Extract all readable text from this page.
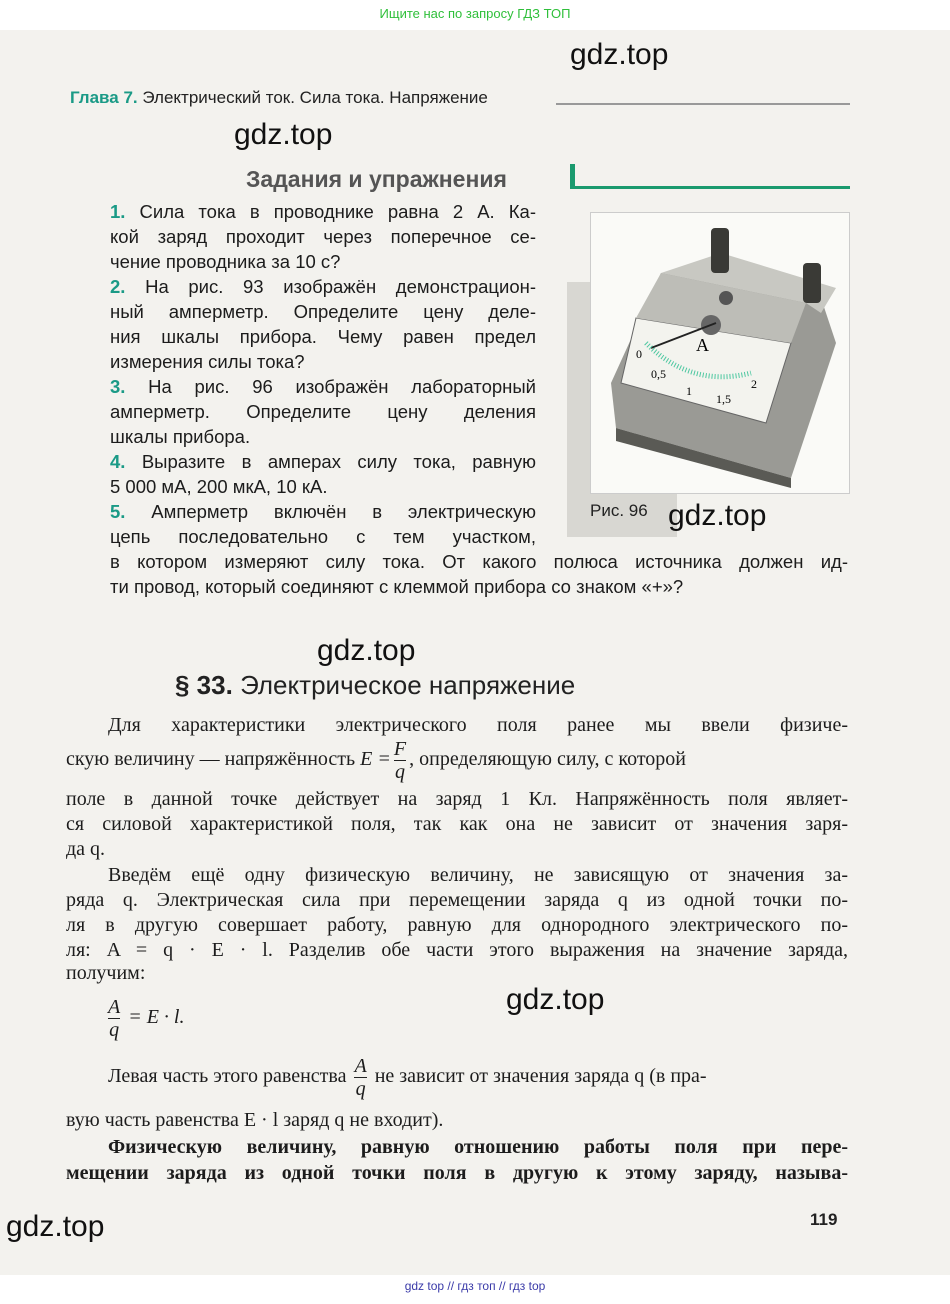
Ищите нас по запросу ГДЗ ТОП
Глава 7. Электрический ток. Сила тока. Напряжение
Задания и упражнения
1. Сила тока в проводнике равна 2 А. Ка-
кой заряд проходит через поперечное се-
чение проводника за 10 с?
2. На рис. 93 изображён демонстрацион-
ный амперметр. Определите цену деле-
ния шкалы прибора. Чему равен предел
измерения силы тока?
3. На рис. 96 изображён лабораторный
амперметр. Определите цену деления
шкалы прибора.
4. Выразите в амперах силу тока, равную
5 000 мА, 200 мкА, 10 кА.
5. Амперметр включён в электрическую
цепь последовательно с тем участком,
в котором измеряют силу тока. От какого полюса источника должен ид-
ти провод, который соединяют с клеммой прибора со знаком «+»?
A
0
0,5
1
1,5
2
Рис. 96
§ 33. Электрическое напряжение
Для характеристики электрического поля ранее мы ввели физиче-
скую величину — напряжённость $E = \frac{F}{q}$ , определяющую силу, с которой
поле в данной точке действует на заряд 1 Кл. Напряжённость поля являет-
ся силовой характеристикой поля, так как она не зависит от значения заря-
да q.
Введём ещё одну физическую величину, не зависящую от значения за-
ряда q. Электрическая сила при перемещении заряда q из одной точки по-
ля в другую совершает работу, равную для однородного электрического по-
ля: A = q · E · l. Разделив обе части этого выражения на значение заряда,
получим:
$\frac{A}{q} = E \cdot l$.
Левая часть этого равенства $\frac{A}{q}$ не зависит от значения заряда q (в пра-
вую часть равенства E · l заряд q не входит).
Физическую величину, равную отношению работы поля при пере-
мещении заряда из одной точки поля в другую к этому заряду, называ-
119
gdz.top
gdz.top
gdz.top
gdz.top
gdz.top
gdz.top
gdz top // гдз топ // гдз top
